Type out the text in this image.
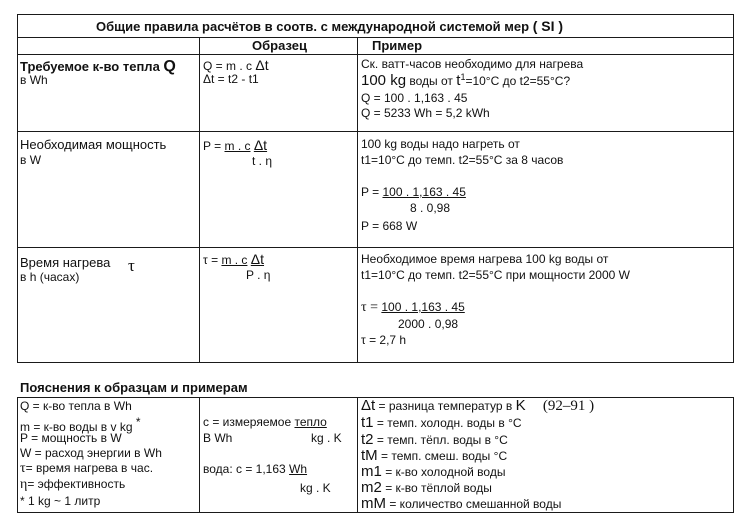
Общие правила расчётов в соотв. с международной системой мер ( SI )
Образец	Пример
Требуемое к-во тепла Q
в Wh
Q = m . c Δt
Δt = t2 - t1
Ск. ватт-часов необходимо для нагрева
100 kg воды от $t^1=10^\circ C$ до t2=55°C?
Q = 100 . 1,163 . 45
Q = 5233 Wh = 5,2 kWh
Необходимая мощность
в W
P = m . c Δt
t . η
100 kg воды надо нагреть от
t1=10°C до темп. t2=55°C за 8 часов
P = 100 . 1,163 . 45
8 . 0,98
P = 668 W
Время нагрева τ
в h (часах)
τ = m . c Δt
P . η
Необходимое время нагрева 100 kg воды от
t1=10°C до темп. t2=55°C при мощности 2000 W
τ = 100 . 1,163 . 45
2000 . 0,98
τ = 2,7 h
Пояснения к образцам и примерам
Q = к-во тепла в Wh
m = к-во воды в v kg *
P = мощность в W
W = расход энергии в Wh
τ= время нагрева в час.
η= эффективность
* 1 kg ~ 1 литр
c = измеряемое тепло
B Wh	kg . K
вода: c = 1,163 Wh
kg . K
Δt = разница температур в K (92–91 )
t1 = темп. холодн. воды в °C
t2 = темп. тёпл. воды в °C
tM = темп. смеш. воды °C
m1 = к-во холодной воды
m2 = к-во тёплой воды
mM = количество смешанной воды
